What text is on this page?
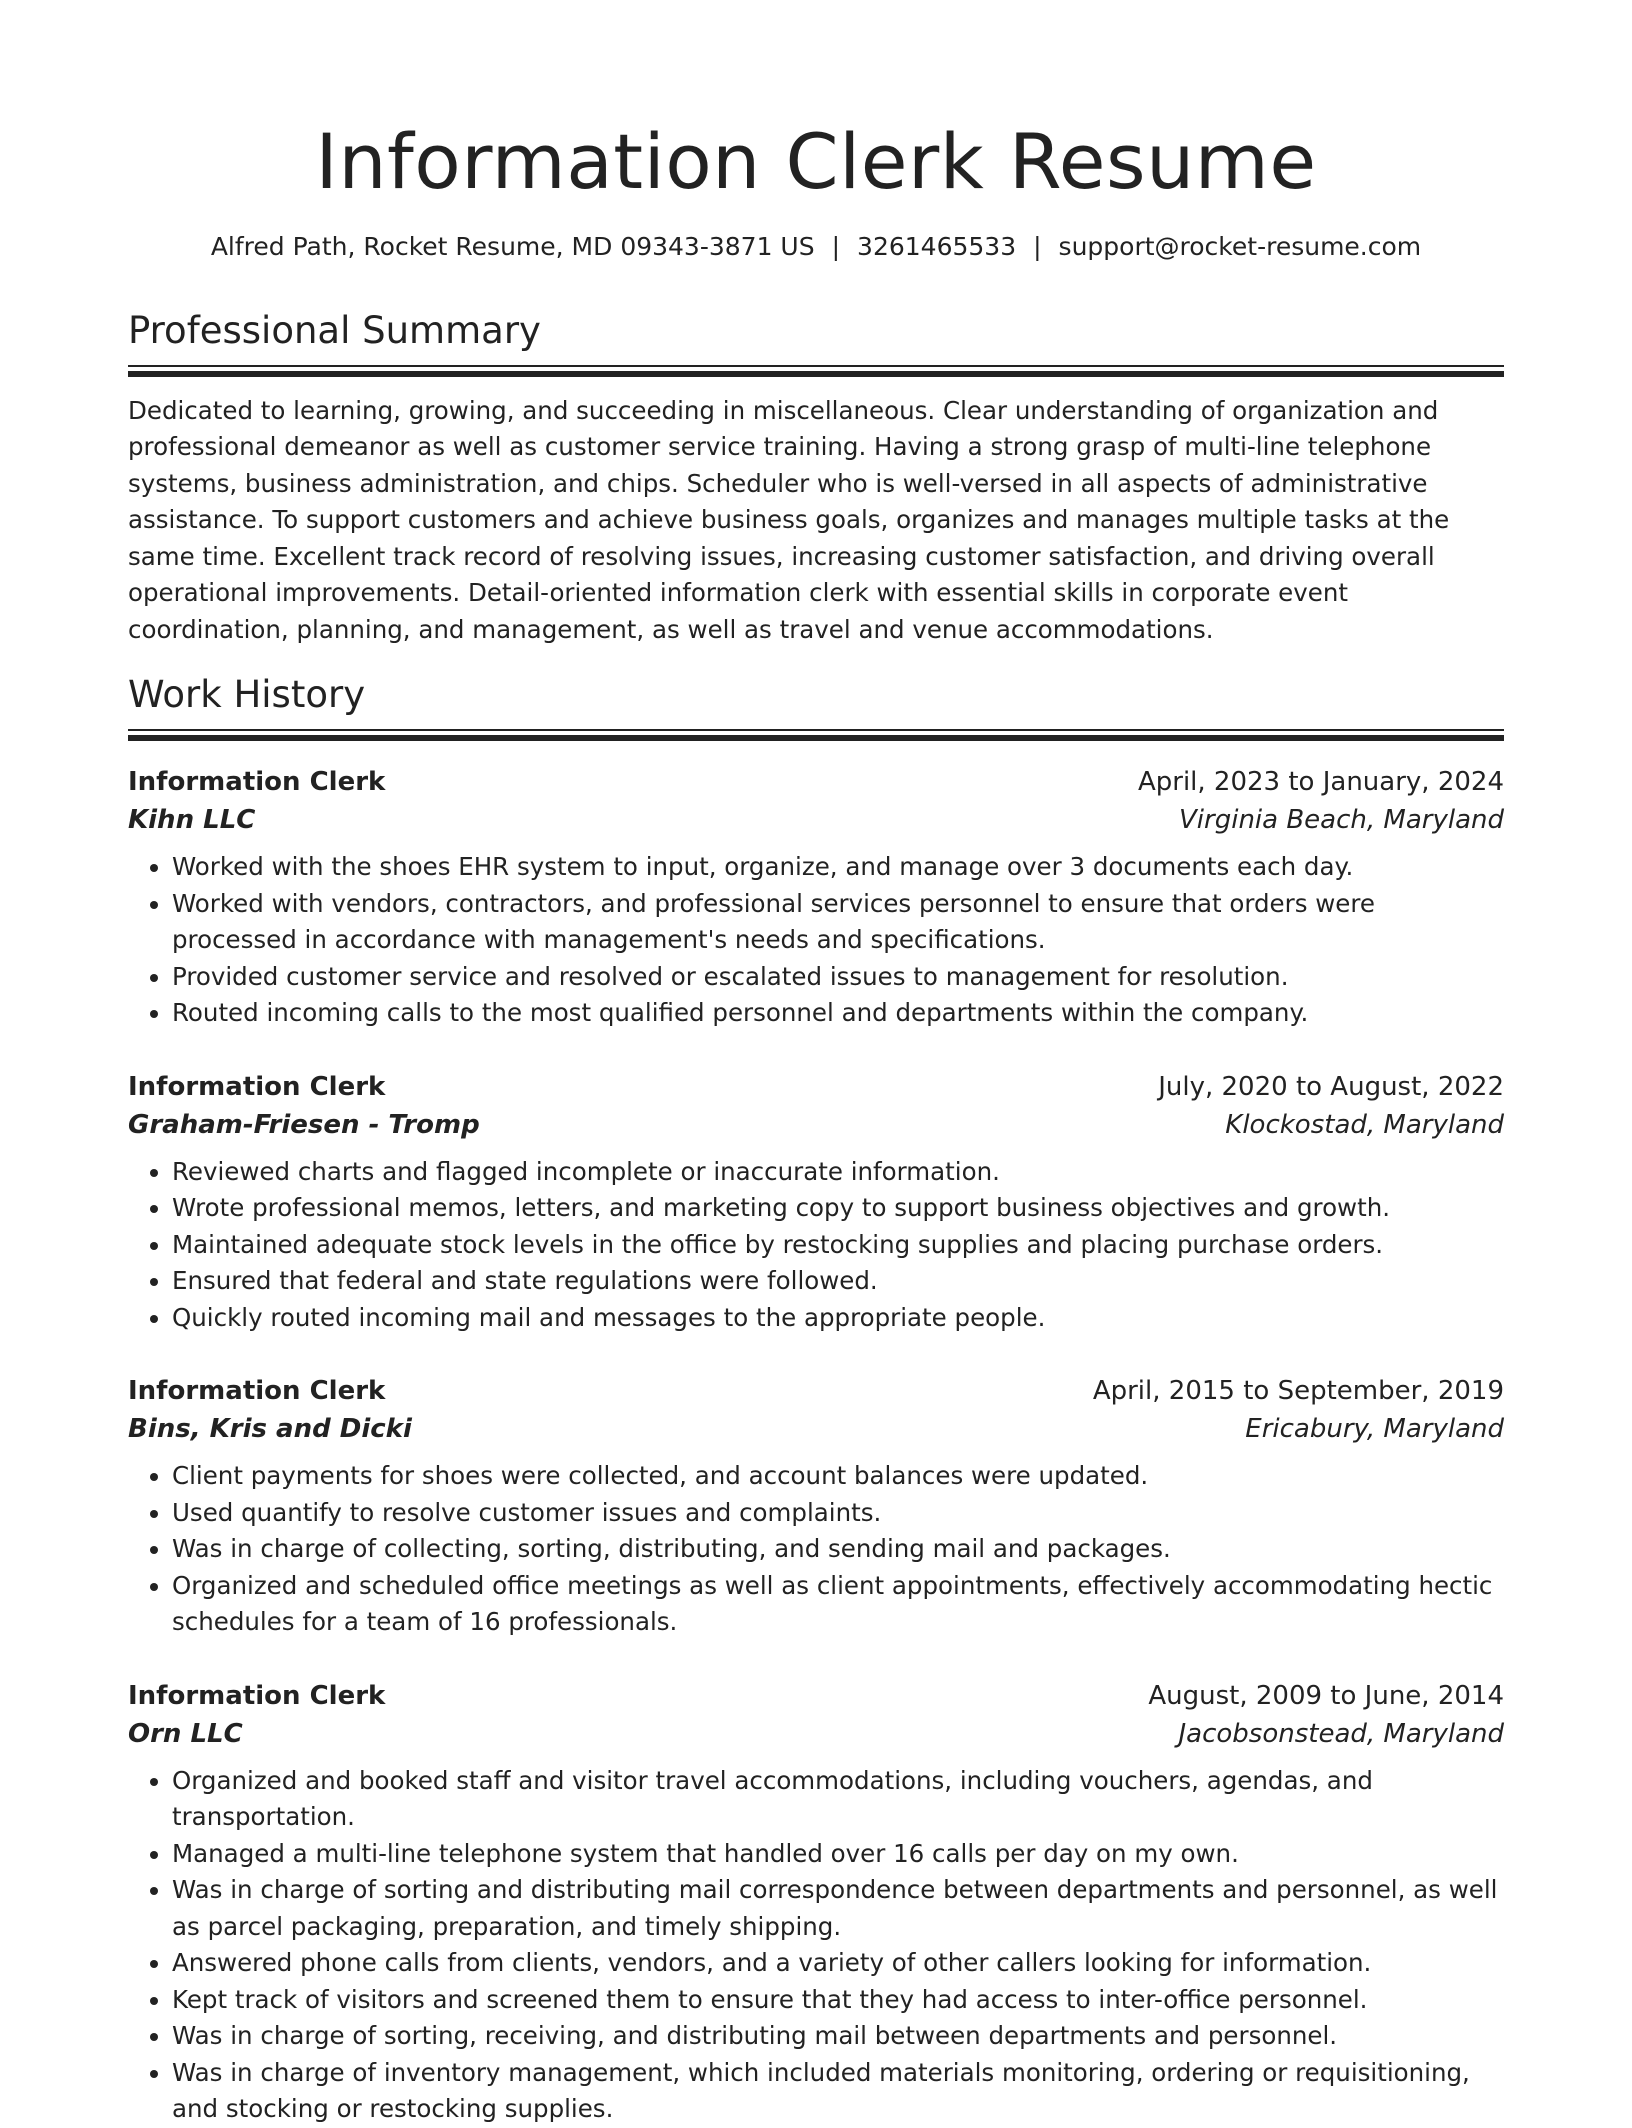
Information Clerk Resume
Alfred Path, Rocket Resume, MD 09343-3871 US | 3261465533 | support@rocket-resume.com
Professional Summary

Dedicated to learning, growing, and succeeding in miscellaneous. Clear understanding of organization and professional demeanor as well as customer service training. Having a strong grasp of multi-line telephone systems, business administration, and chips. Scheduler who is well-versed in all aspects of administrative assistance. To support customers and achieve business goals, organizes and manages multiple tasks at the same time. Excellent track record of resolving issues, increasing customer satisfaction, and driving overall operational improvements. Detail-oriented information clerk with essential skills in corporate event coordination, planning, and management, as well as travel and venue accommodations.

Work History
Information Clerk	April, 2023 to January, 2024
Kihn LLC	Virginia Beach, Maryland
• Worked with the shoes EHR system to input, organize, and manage over 3 documents each day.
• Worked with vendors, contractors, and professional services personnel to ensure that orders were processed in accordance with management's needs and specifications.
• Provided customer service and resolved or escalated issues to management for resolution.
• Routed incoming calls to the most qualified personnel and departments within the company.
Information Clerk	July, 2020 to August, 2022
Graham-Friesen - Tromp	Klockostad, Maryland
• Reviewed charts and flagged incomplete or inaccurate information.
• Wrote professional memos, letters, and marketing copy to support business objectives and growth.
• Maintained adequate stock levels in the office by restocking supplies and placing purchase orders.
• Ensured that federal and state regulations were followed.
• Quickly routed incoming mail and messages to the appropriate people.
Information Clerk	April, 2015 to September, 2019
Bins, Kris and Dicki	Ericabury, Maryland
• Client payments for shoes were collected, and account balances were updated.
• Used quantify to resolve customer issues and complaints.
• Was in charge of collecting, sorting, distributing, and sending mail and packages.
• Organized and scheduled office meetings as well as client appointments, effectively accommodating hectic schedules for a team of 16 professionals.
Information Clerk	August, 2009 to June, 2014
Orn LLC	Jacobsonstead, Maryland
• Organized and booked staff and visitor travel accommodations, including vouchers, agendas, and transportation.
• Managed a multi-line telephone system that handled over 16 calls per day on my own.
• Was in charge of sorting and distributing mail correspondence between departments and personnel, as well as parcel packaging, preparation, and timely shipping.
• Answered phone calls from clients, vendors, and a variety of other callers looking for information.
• Kept track of visitors and screened them to ensure that they had access to inter-office personnel.
• Was in charge of sorting, receiving, and distributing mail between departments and personnel.
• Was in charge of inventory management, which included materials monitoring, ordering or requisitioning, and stocking or restocking supplies.
